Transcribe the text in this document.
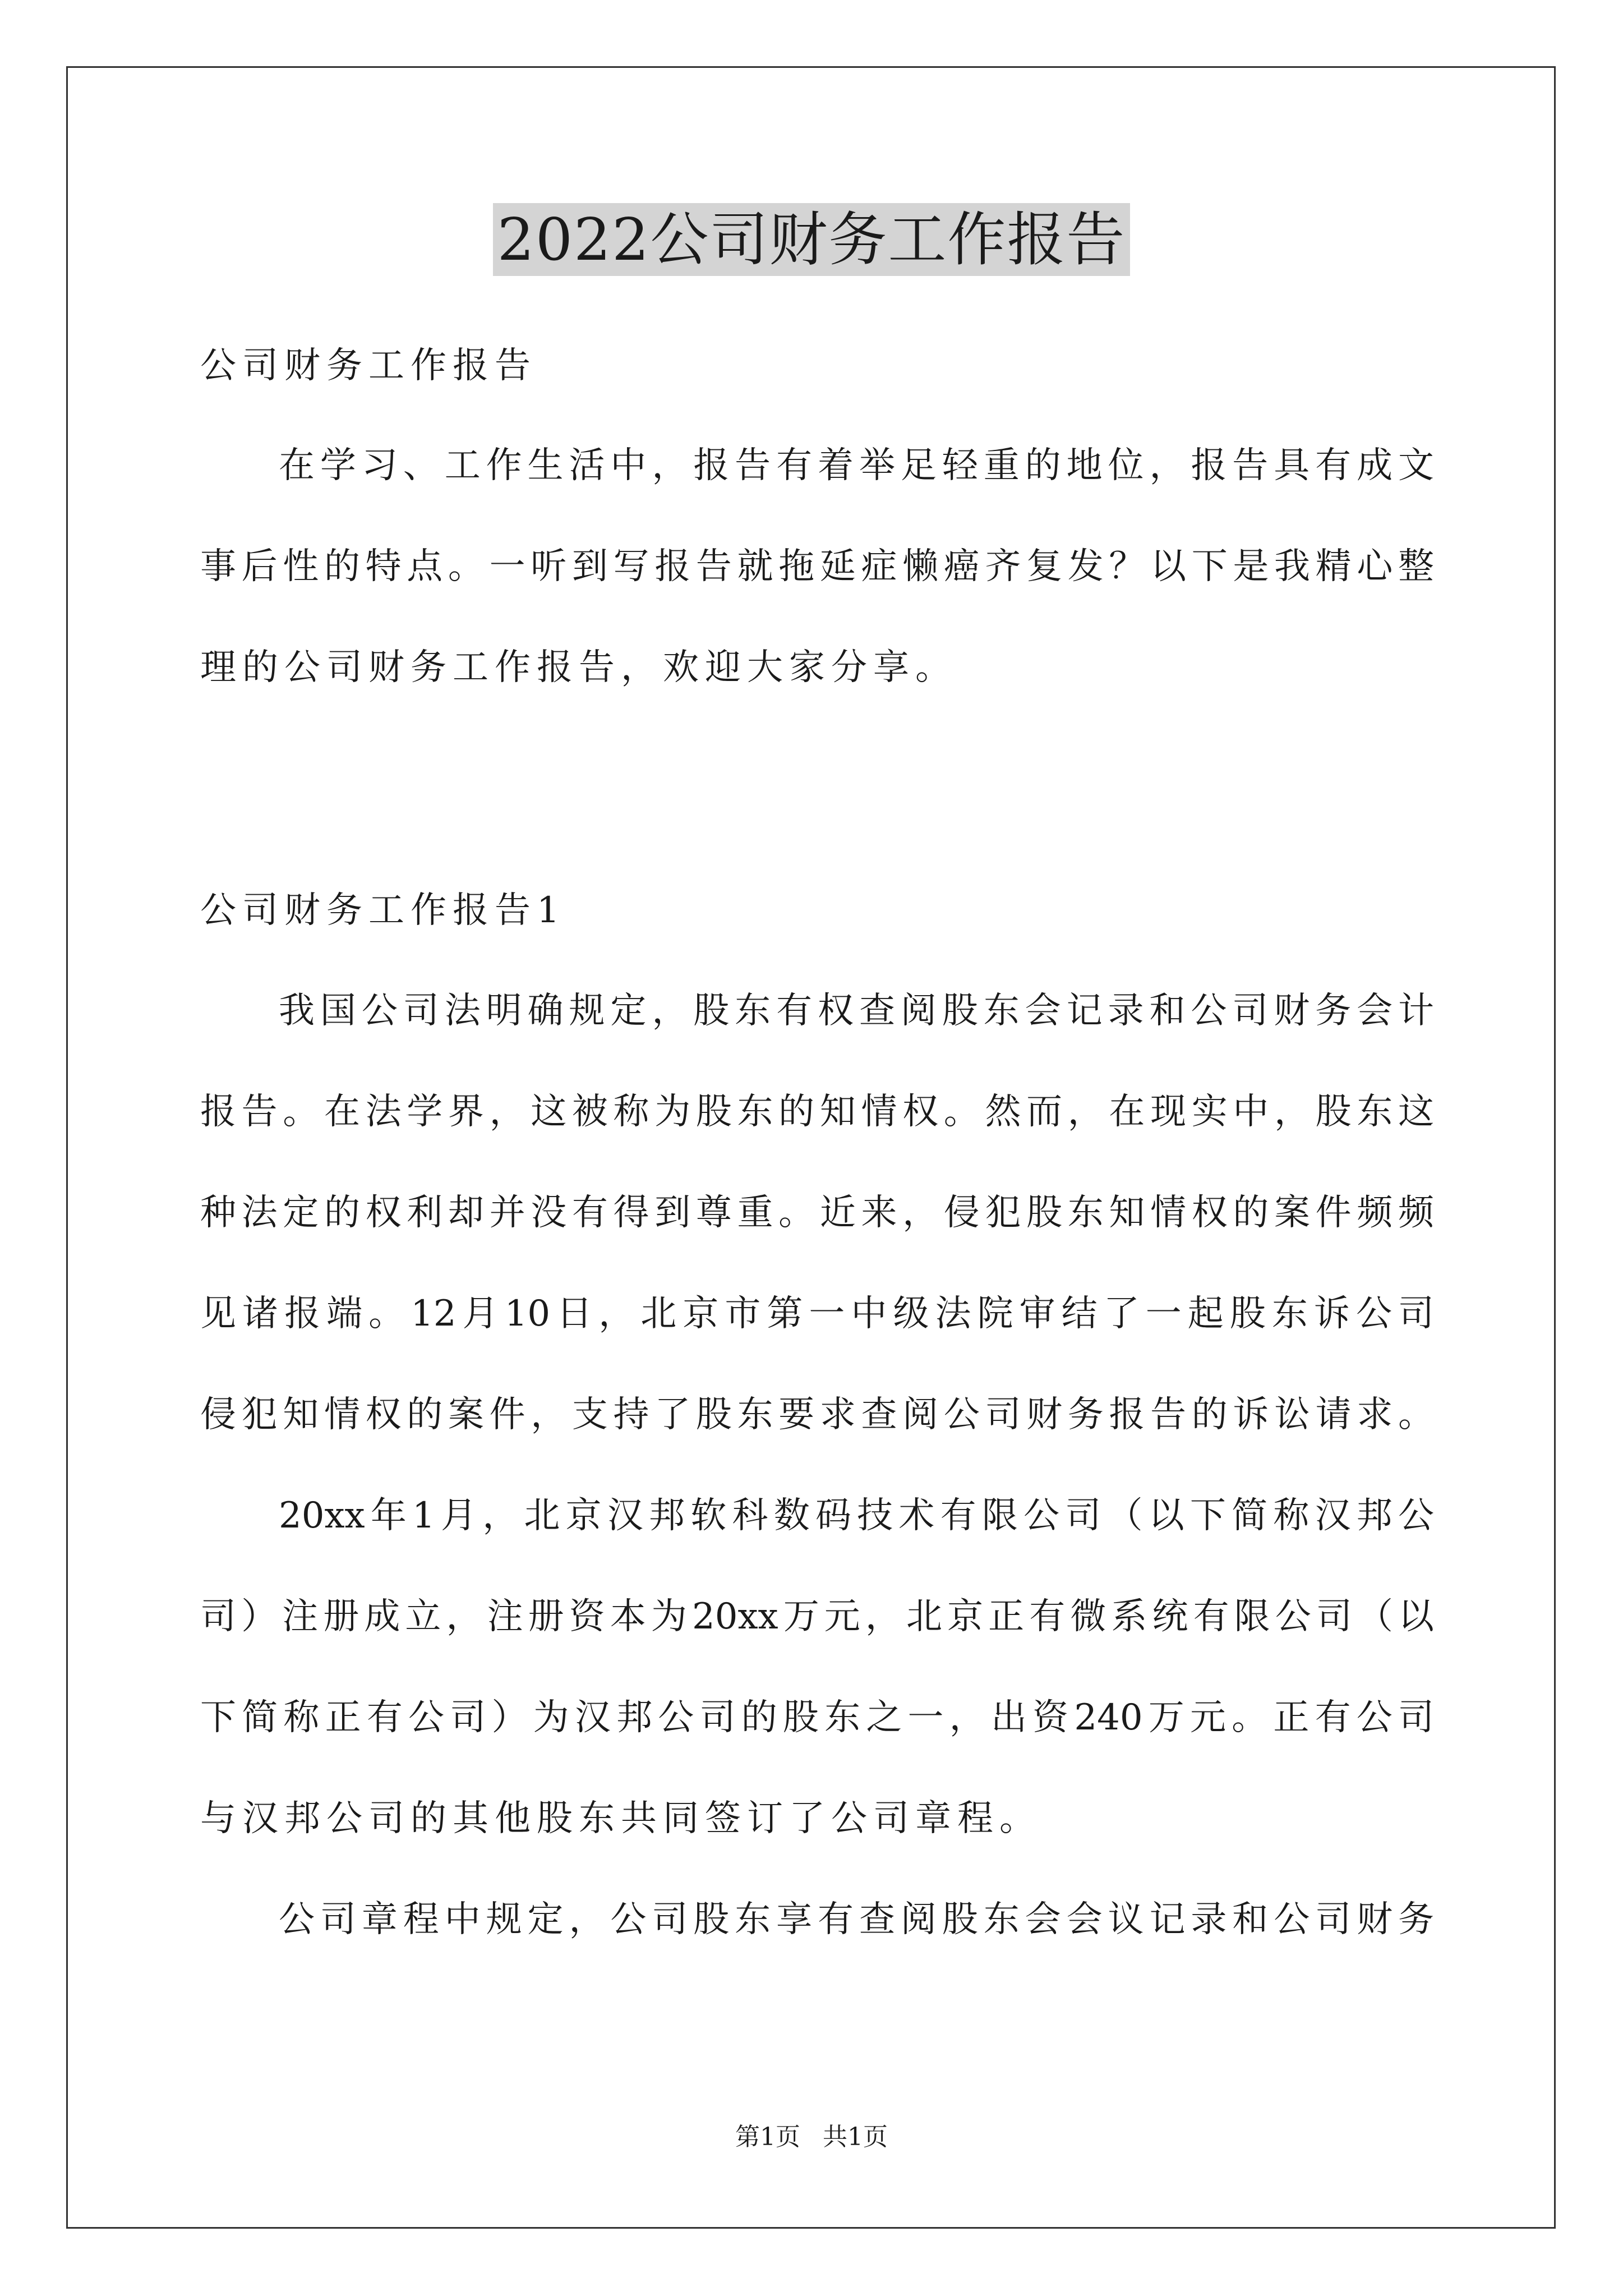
2022公司财务工作报告
公司财务工作报告
在学习、工作生活中，报告有着举足轻重的地位，报告具有成文
事后性的特点。一听到写报告就拖延症懒癌齐复发？以下是我精心整
理的公司财务工作报告，欢迎大家分享。
公司财务工作报告1
我国公司法明确规定，股东有权查阅股东会记录和公司财务会计
报告。在法学界，这被称为股东的知情权。然而，在现实中，股东这
种法定的权利却并没有得到尊重。近来，侵犯股东知情权的案件频频
见诸报端。12月10日，北京市第一中级法院审结了一起股东诉公司
侵犯知情权的案件，支持了股东要求查阅公司财务报告的诉讼请求。
20xx年1月，北京汉邦软科数码技术有限公司（以下简称汉邦公
司）注册成立，注册资本为20xx万元，北京正有微系统有限公司（以
下简称正有公司）为汉邦公司的股东之一，出资240万元。正有公司
与汉邦公司的其他股东共同签订了公司章程。
公司章程中规定，公司股东享有查阅股东会会议记录和公司财务
第1页 共1页
